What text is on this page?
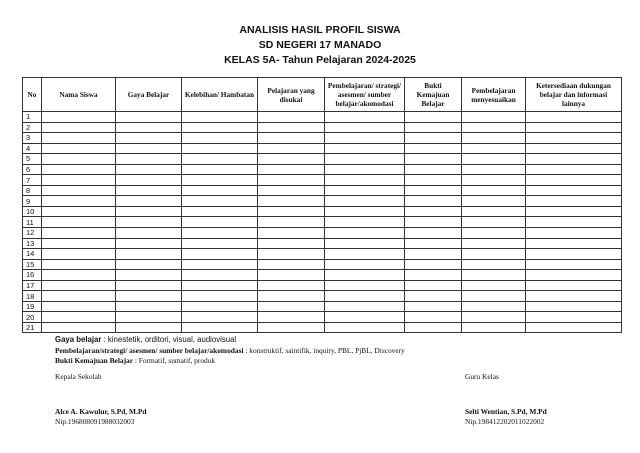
ANALISIS HASIL PROFIL SISWA
SD NEGERI 17 MANADO
KELAS 5A- Tahun Pelajaran 2024-2025
No	Nama Siswa	Gaya Belajar	Kelebihan/ Hambatan	Pelajaran yang disukai	Pembelajaran/ strategi/ asesmen/ sumber belajar/akomodasi	Bukti Kemajuan Belajar	Pembelajaran menyesuaikan	Ketersediaan dukungan belajar dan informasi lainnya
1								
2								
3								
4								
5								
6								
7								
8								
9								
10								
11								
12								
13								
14								
15								
16								
17								
18								
19								
20								
21								
Gaya belajar : kinestetik, orditori, visual, audiovisual
Pembelajaran/strategi/ asesmen/ sumber belajar/akomodasi : konstruktif, saintifik, inquiry, PBL, PjBL, Discovery
Bukti Kemajuan Belajar : Formatif, sumatif, produk
Kepala Sekolah
Alce A. Kawulur, S.Pd, M.Pd
Nip.196808091988032003
Guru Kelas
Selti Wentian, S.Pd, M.Pd
Nip.198412202011022002
